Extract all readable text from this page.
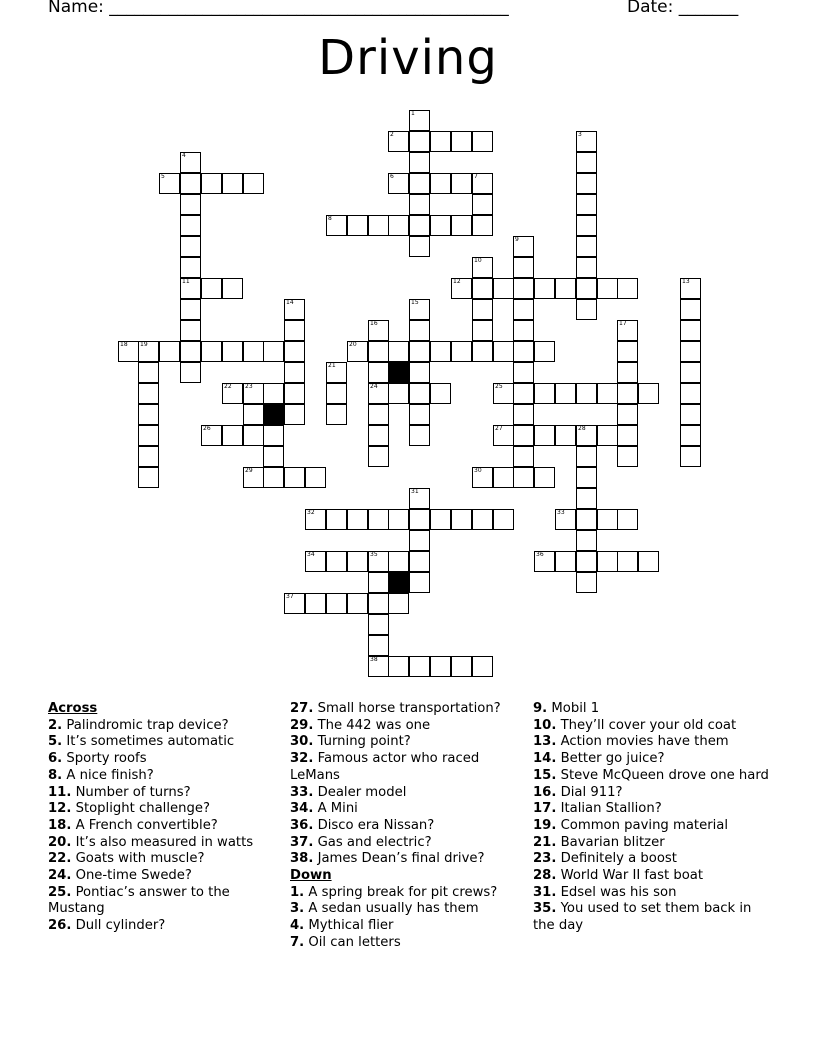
Name: _______________________________________________	Date: _______
Driving
1
2	3
4
5	6	7
8
9
10
11	12	13
14	15
16	17
18 19	20
21
22 23	24	25
26	27	28
29	30
31
32	33
34	35	36
37
38
Across
2. Palindromic trap device?
5. It’s sometimes automatic
6. Sporty roofs
8. A nice finish?
11. Number of turns?
12. Stoplight challenge?
18. A French convertible?
20. It’s also measured in watts
22. Goats with muscle?
24. One-time Swede?
25. Pontiac’s answer to the Mustang
26. Dull cylinder?
27. Small horse transportation?
29. The 442 was one
30. Turning point?
32. Famous actor who raced LeMans
33. Dealer model
34. A Mini
36. Disco era Nissan?
37. Gas and electric?
38. James Dean’s final drive?
Down
1. A spring break for pit crews?
3. A sedan usually has them
4. Mythical flier
7. Oil can letters
9. Mobil 1
10. They’ll cover your old coat
13. Action movies have them
14. Better go juice?
15. Steve McQueen drove one hard
16. Dial 911?
17. Italian Stallion?
19. Common paving material
21. Bavarian blitzer
23. Definitely a boost
28. World War II fast boat
31. Edsel was his son
35. You used to set them back in the day
